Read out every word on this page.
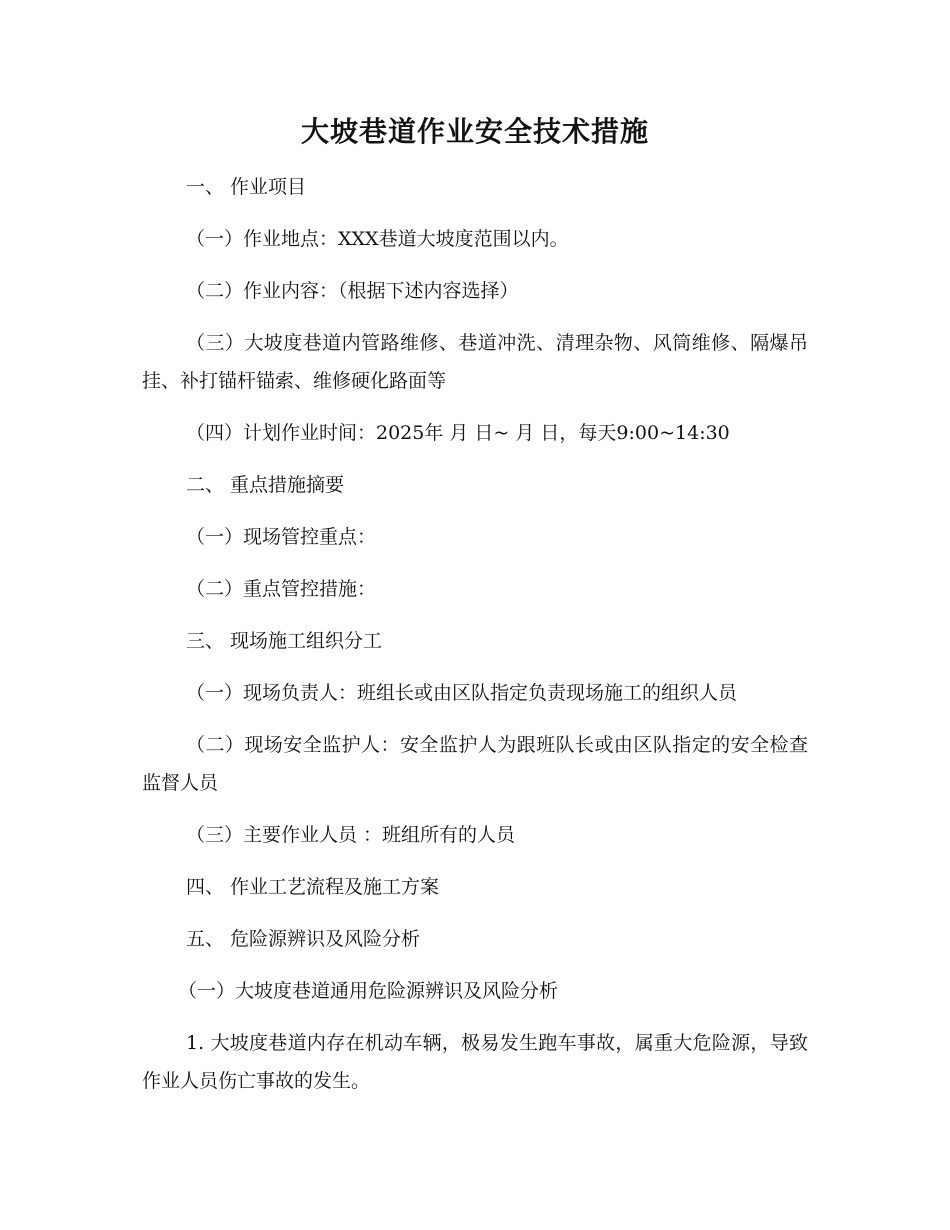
大坡巷道作业安全技术措施

一、 作业项目

（一）作业地点：XXX巷道大坡度范围以内。

（二）作业内容：（根据下述内容选择）

（三）大坡度巷道内管路维修、巷道冲洗、清理杂物、风筒维修、隔爆吊挂、补打锚杆锚索、维修硬化路面等

（四）计划作业时间：2025年 月 日~ 月 日，每天9:00~14:30

二、 重点措施摘要

（一）现场管控重点：

（二）重点管控措施：

三、 现场施工组织分工

（一）现场负责人：班组长或由区队指定负责现场施工的组织人员

（二）现场安全监护人：安全监护人为跟班队长或由区队指定的安全检查监督人员

（三）主要作业人员 ：班组所有的人员

四、 作业工艺流程及施工方案

五、 危险源辨识及风险分析

（一）大坡度巷道通用危险源辨识及风险分析

1. 大坡度巷道内存在机动车辆，极易发生跑车事故，属重大危险源，导致作业人员伤亡事故的发生。
